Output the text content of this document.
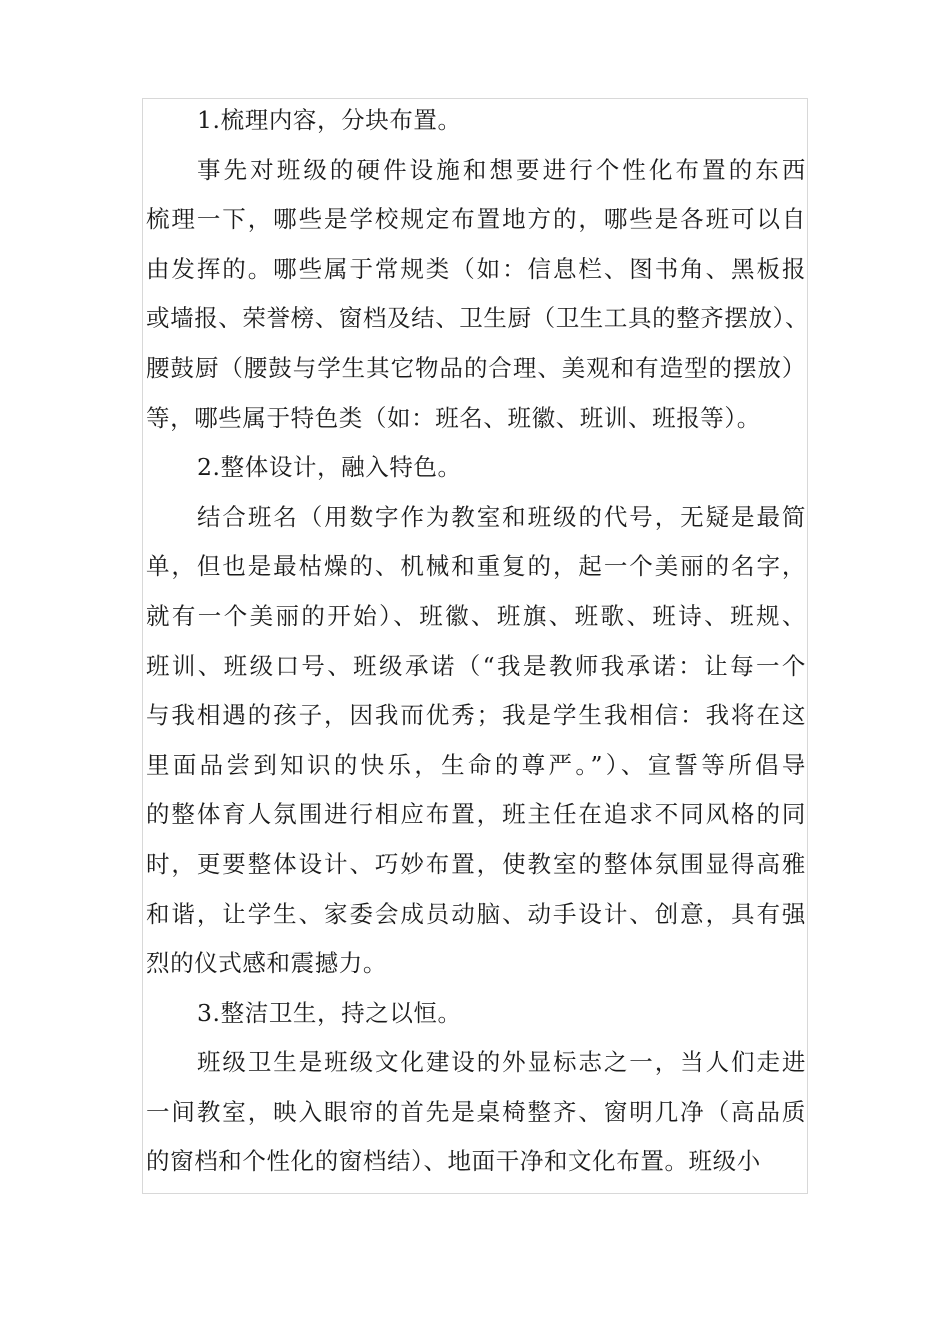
1.梳理内容，分块布置。
事先对班级的硬件设施和想要进行个性化布置的东西
梳理一下，哪些是学校规定布置地方的，哪些是各班可以自
由发挥的。哪些属于常规类（如：信息栏、图书角、黑板报
或墙报、荣誉榜、窗档及结、卫生厨（卫生工具的整齐摆放）、
腰鼓厨（腰鼓与学生其它物品的合理、美观和有造型的摆放）
等，哪些属于特色类（如：班名、班徽、班训、班报等）。
2.整体设计，融入特色。
结合班名（用数字作为教室和班级的代号，无疑是最简
单，但也是最枯燥的、机械和重复的，起一个美丽的名字，
就有一个美丽的开始）、班徽、班旗、班歌、班诗、班规、
班训、班级口号、班级承诺（“我是教师我承诺：让每一个
与我相遇的孩子，因我而优秀；我是学生我相信：我将在这
里面品尝到知识的快乐，生命的尊严。”）、宣誓等所倡导
的整体育人氛围进行相应布置，班主任在追求不同风格的同
时，更要整体设计、巧妙布置，使教室的整体氛围显得高雅
和谐，让学生、家委会成员动脑、动手设计、创意，具有强
烈的仪式感和震撼力。
3.整洁卫生，持之以恒。
班级卫生是班级文化建设的外显标志之一，当人们走进
一间教室，映入眼帘的首先是桌椅整齐、窗明几净（高品质
的窗档和个性化的窗档结）、地面干净和文化布置。班级小
